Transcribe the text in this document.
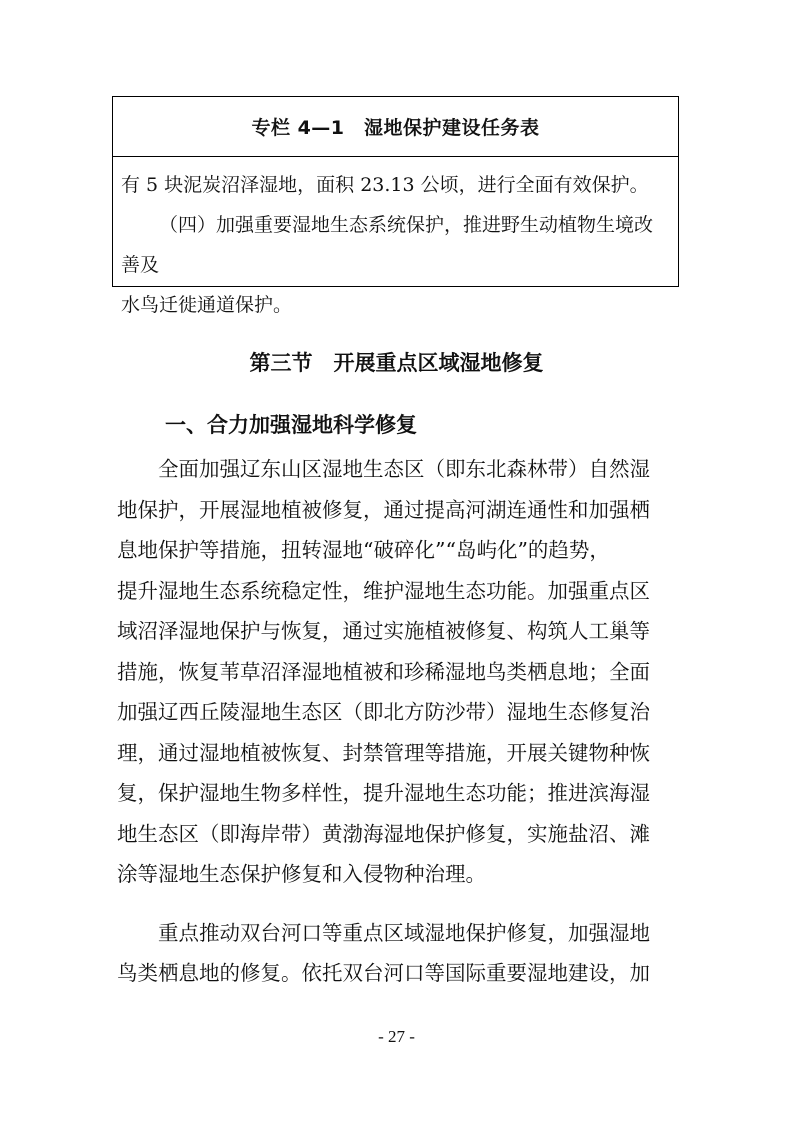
专栏 4—1　湿地保护建设任务表

有 5 块泥炭沼泽湿地，面积 23.13 公顷，进行全面有效保护。

（四）加强重要湿地生态系统保护，推进野生动植物生境改善及

水鸟迁徙通道保护。

第三节　开展重点区域湿地修复
一、合力加强湿地科学修复
　　全面加强辽东山区湿地生态区（即东北森林带）自然湿
地保护，开展湿地植被修复，通过提高河湖连通性和加强栖
息地保护等措施，扭转湿地“破碎化”“岛屿化”的趋势，
提升湿地生态系统稳定性，维护湿地生态功能。加强重点区
域沼泽湿地保护与恢复，通过实施植被修复、构筑人工巢等
措施，恢复苇草沼泽湿地植被和珍稀湿地鸟类栖息地；全面
加强辽西丘陵湿地生态区（即北方防沙带）湿地生态修复治
理，通过湿地植被恢复、封禁管理等措施，开展关键物种恢
复，保护湿地生物多样性，提升湿地生态功能；推进滨海湿
地生态区（即海岸带）黄渤海湿地保护修复，实施盐沼、滩
涂等湿地生态保护修复和入侵物种治理。
　　重点推动双台河口等重点区域湿地保护修复，加强湿地
鸟类栖息地的修复。依托双台河口等国际重要湿地建设，加
- 27 -
